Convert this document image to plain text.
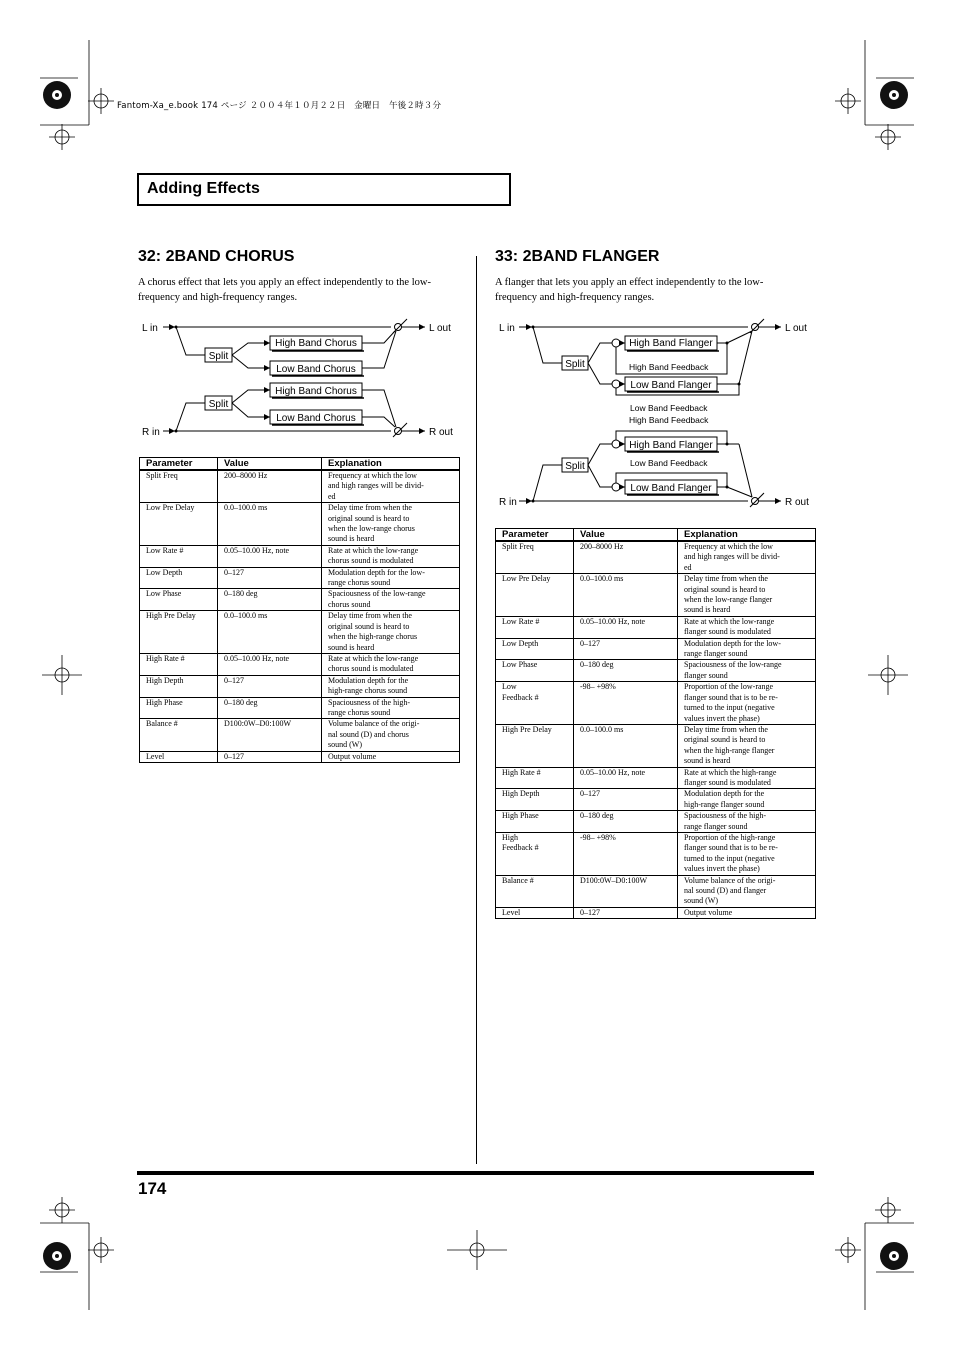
Fantom-Xa_e.book 174 ページ ２００４年１０月２２日　金曜日　午後２時３分
Adding Effects
32: 2BAND CHORUS
A chorus effect that lets you apply an effect independently to the low-
frequency and high-frequency ranges.
L in	L out
R in	R out
Split
Split
High Band Chorus
Low Band Chorus
High Band Chorus
Low Band Chorus
Parameter	Value	Explanation
Split Freq	200–8000 Hz	Frequency at which the low
and high ranges will be divid-
ed
Low Pre Delay	0.0–100.0 ms	Delay time from when the
original sound is heard to
when the low-range chorus
sound is heard
Low Rate #	0.05–10.00 Hz, note	Rate at which the low-range
chorus sound is modulated
Low Depth	0–127	Modulation depth for the low-
range chorus sound
Low Phase	0–180 deg	Spaciousness of the low-range
chorus sound
High Pre Delay	0.0–100.0 ms	Delay time from when the
original sound is heard to
when the high-range chorus
sound is heard
High Rate #	0.05–10.00 Hz, note	Rate at which the low-range
chorus sound is modulated
High Depth	0–127	Modulation depth for the
high-range chorus sound
High Phase	0–180 deg	Spaciousness of the high-
range chorus sound
Balance #	D100:0W–D0:100W	Volume balance of the origi-
nal sound (D) and chorus
sound (W)
Level	0–127	Output volume
33: 2BAND FLANGER
A flanger that lets you apply an effect independently to the low-
frequency and high-frequency ranges.
L in	L out
R in	R out
Split
Split
High Band Flanger
Low Band Flanger
High Band Flanger
Low Band Flanger
High Band Feedback
Low Band Feedback
High Band Feedback
Low Band Feedback
Parameter	Value	Explanation
Split Freq	200–8000 Hz	Frequency at which the low
and high ranges will be divid-
ed
Low Pre Delay	0.0–100.0 ms	Delay time from when the
original sound is heard to
when the low-range flanger
sound is heard
Low Rate #	0.05–10.00 Hz, note	Rate at which the low-range
flanger sound is modulated
Low Depth	0–127	Modulation depth for the low-
range flanger sound
Low Phase	0–180 deg	Spaciousness of the low-range
flanger sound
Low
Feedback #	-98– +98%	Proportion of the low-range
flanger sound that is to be re-
turned to the input (negative
values invert the phase)
High Pre Delay	0.0–100.0 ms	Delay time from when the
original sound is heard to
when the high-range flanger
sound is heard
High Rate #	0.05–10.00 Hz, note	Rate at which the high-range
flanger sound is modulated
High Depth	0–127	Modulation depth for the
high-range flanger sound
High Phase	0–180 deg	Spaciousness of the high-
range flanger sound
High
Feedback #	-98– +98%	Proportion of the high-range
flanger sound that is to be re-
turned to the input (negative
values invert the phase)
Balance #	D100:0W–D0:100W	Volume balance of the origi-
nal sound (D) and flanger
sound (W)
Level	0–127	Output volume
174
